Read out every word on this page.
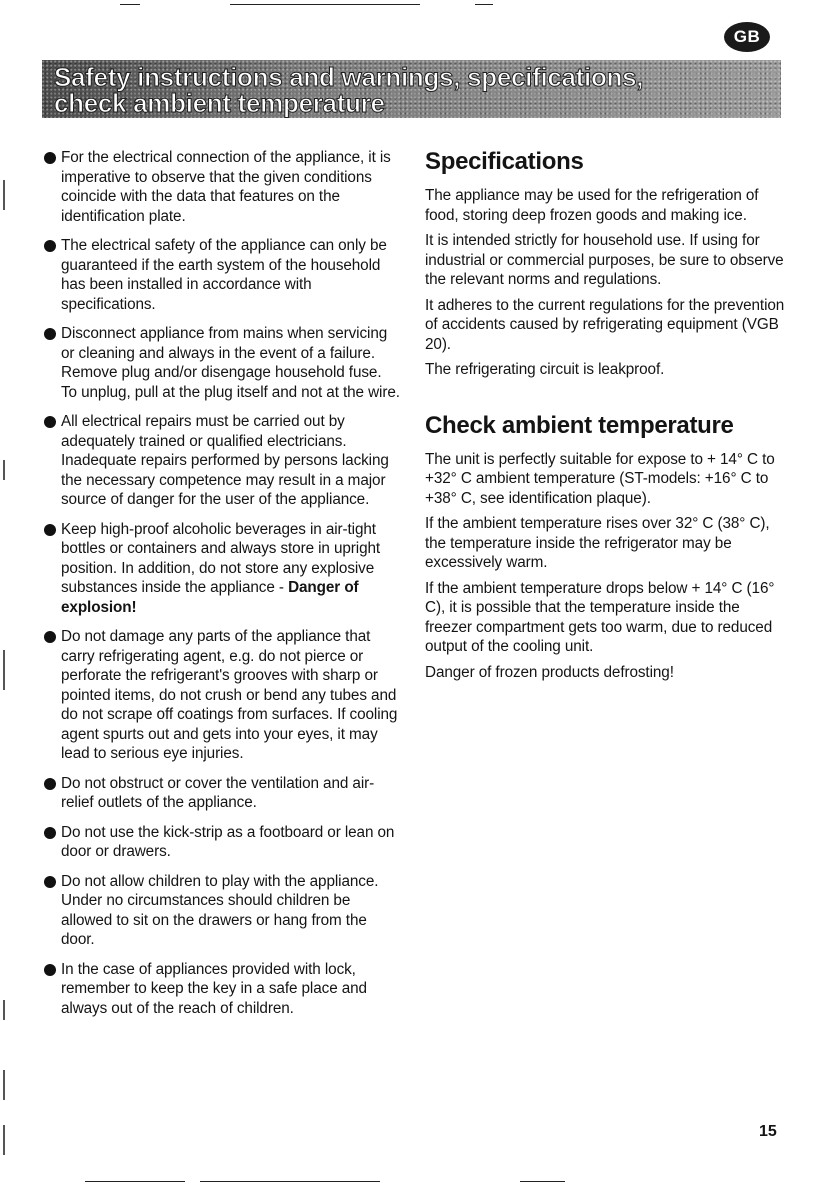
GB
Safety instructions and warnings, specifications,
check ambient temperature
For the electrical connection of the appliance, it is imperative to observe that the given conditions coincide with the data that features on the identification plate.
The electrical safety of the appliance can only be guaranteed if the earth system of the household has been installed in accordance with specifications.
Disconnect appliance from mains when servicing or cleaning and always in the event of a failure. Remove plug and/or disengage household fuse. To unplug, pull at the plug itself and not at the wire.
All electrical repairs must be carried out by adequately trained or qualified electricians. Inadequate repairs performed by persons lacking the necessary competence may result in a major source of danger for the user of the appliance.
Keep high-proof alcoholic beverages in air-tight bottles or containers and always store in upright position. In addition, do not store any explosive substances inside the appliance - Danger of explosion!
Do not damage any parts of the appliance that carry refrigerating agent, e.g. do not pierce or perforate the refrigerant's grooves with sharp or pointed items, do not crush or bend any tubes and do not scrape off coatings from surfaces. If cooling agent spurts out and gets into your eyes, it may lead to serious eye injuries.
Do not obstruct or cover the ventilation and air-relief outlets of the appliance.
Do not use the kick-strip as a footboard or lean on door or drawers.
Do not allow children to play with the appliance. Under no circumstances should children be allowed to sit on the drawers or hang from the door.
In the case of appliances provided with lock, remember to keep the key in a safe place and always out of the reach of children.
Specifications

The appliance may be used for the refrigeration of food, storing deep frozen goods and making ice.

It is intended strictly for household use. If using for industrial or commercial purposes, be sure to observe the relevant norms and regulations.

It adheres to the current regulations for the prevention of accidents caused by refrigerating equipment (VGB 20).

The refrigerating circuit is leakproof.

Check ambient temperature

The unit is perfectly suitable for expose to + 14° C to +32° C ambient temperature (ST-models: +16° C to +38° C, see identification plaque).

If the ambient temperature rises over 32° C (38° C), the temperature inside the refrigerator may be excessively warm.

If the ambient temperature drops below + 14° C (16° C), it is possible that the temperature inside the freezer compartment gets too warm, due to reduced output of the cooling unit.

Danger of frozen products defrosting!

15
